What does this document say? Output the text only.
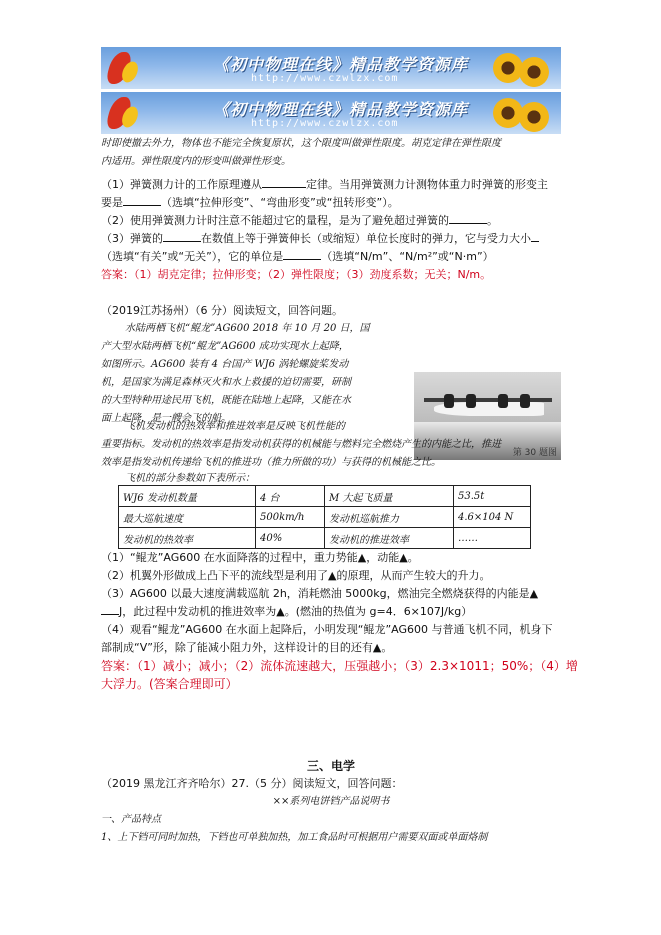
《初中物理在线》精品教学资源库
http://www.czwlzx.com
《初中物理在线》精品教学资源库
http://www.czwlzx.com
时即使撤去外力，物体也不能完全恢复原状，这个限度叫做弹性限度。胡克定律在弹性限度
内适用。弹性限度内的形变叫做弹性形变。
（1）弹簧测力计的工作原理遵从	定律。当用弹簧测力计测物体重力时弹簧的形变主
要是	（选填“拉伸形变”、“弯曲形变”或“扭转形变”）。
（2）使用弹簧测力计时注意不能超过它的量程，是为了避免超过弹簧的	。
（3）弹簧的	在数值上等于弹簧伸长（或缩短）单位长度时的弹力，它与受力大小
（选填“有关”或“无关”），它的单位是	（选填“N/m”、“N/m²”或“N·m”）
答案：（1）胡克定律；拉伸形变；（2）弹性限度；（3）劲度系数；无关；N/m。
（2019江苏扬州）（6 分）阅读短文，回答问题。
水陆两栖飞机“鲲龙”AG600 2018 年 10 月 20 日，国
产大型水陆两栖飞机“鲲龙”AG600 成功实现水上起降，
如图所示。AG600 装有 4 台国产 WJ6 涡轮螺旋桨发动
机，是国家为满足森林灭火和水上救援的迫切需要，研制
的大型特种用途民用飞机，既能在陆地上起降，又能在水
面上起降，是一艘会飞的船。
第 30 题图
飞机发动机的热效率和推进效率是反映飞机性能的
重要指标。发动机的热效率是指发动机获得的机械能与燃料完全燃烧产生的内能之比，推进
效率是指发动机传递给飞机的推进功（推力所做的功）与获得的机械能之比。
飞机的部分参数如下表所示：
WJ6 发动机数量	4 台	M 大起飞质量	53.5t
最大巡航速度	500km/h	发动机巡航推力	4.6×104 N
发动机的热效率	40%	发动机的推进效率	……
（1）“鲲龙”AG600 在水面降落的过程中，重力势能▲，动能▲。
（2）机翼外形做成上凸下平的流线型是利用了▲的原理，从而产生较大的升力。
（3）AG600 以最大速度满载巡航 2h，消耗燃油 5000kg，燃油完全燃烧获得的内能是▲
J，此过程中发动机的推进效率为▲。(燃油的热值为 g=4．6×107J/kg）
（4）观看“鲲龙”AG600 在水面上起降后，小明发现“鲲龙”AG600 与普通飞机不同，机身下
部制成“V”形，除了能减小阻力外，这样设计的目的还有▲。
答案：（1）减小；减小；（2）流体流速越大，压强越小；（3）2.3×1011；50%；（4）增
大浮力。(答案合理即可）
三、电学
（2019 黑龙江齐齐哈尔）27.（5 分）阅读短文，回答问题：
××系列电饼铛产品说明书
一、产品特点
1、上下铛可同时加热，下铛也可单独加热，加工食品时可根据用户需要双面或单面烙制
